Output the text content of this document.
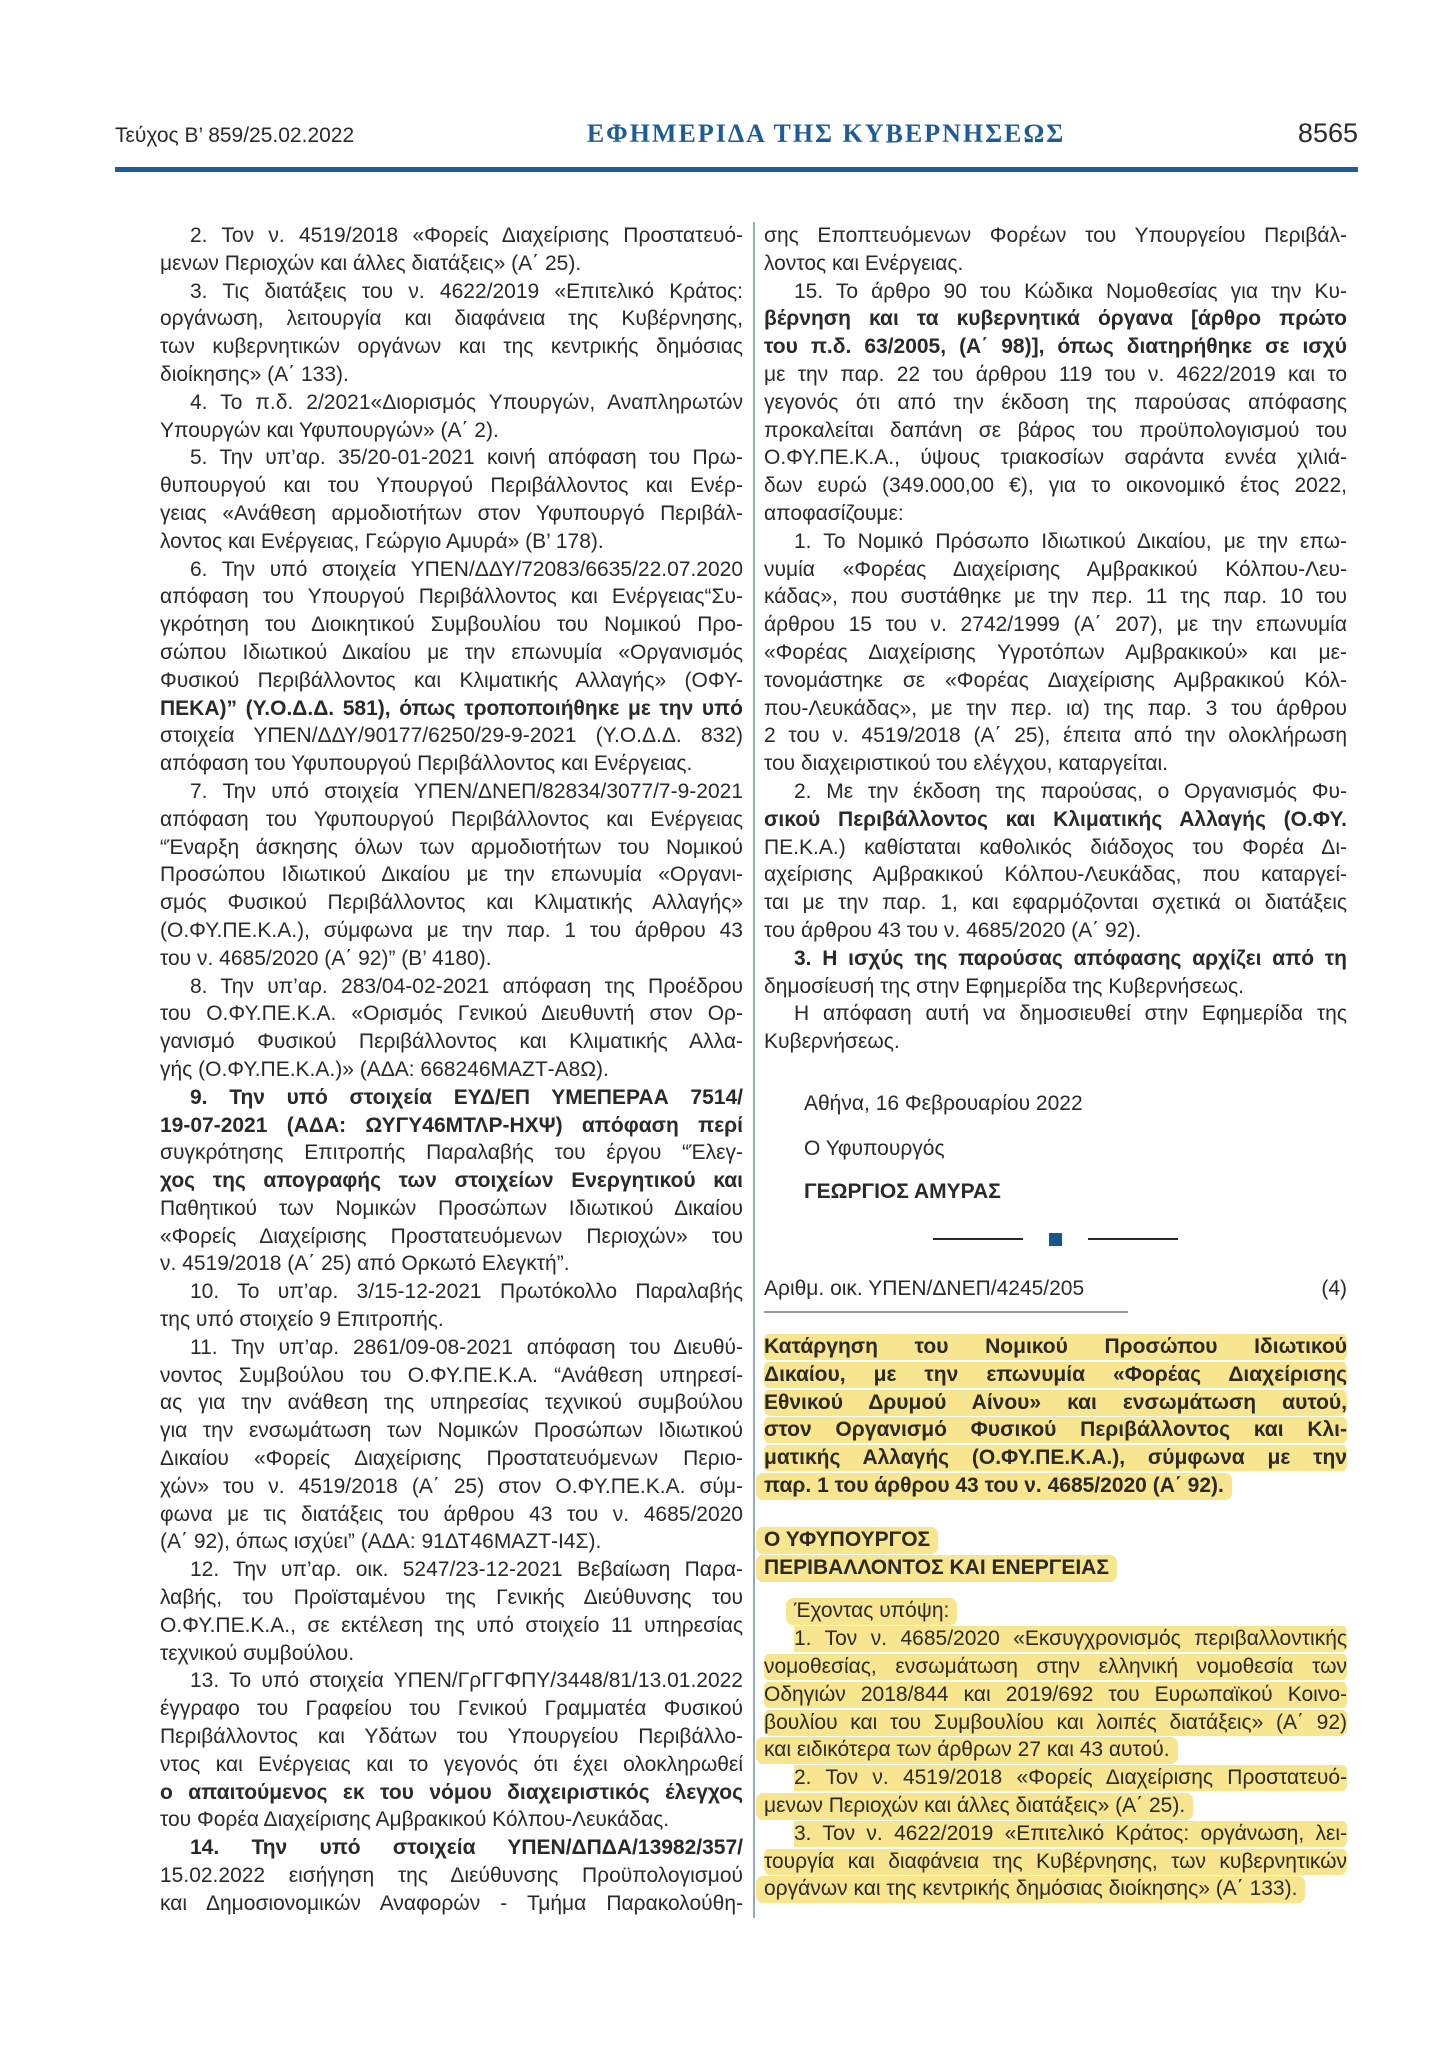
Τεύχος Β’ 859/25.02.2022	ΕΦΗΜΕΡΙΔΑ ΤΗΣ ΚΥΒΕΡΝΗΣΕΩΣ	8565
2. Τον ν. 4519/2018 «Φορείς Διαχείρισης Προστατευό-
μενων Περιοχών και άλλες διατάξεις» (Α΄ 25).
3. Τις διατάξεις του ν. 4622/2019 «Επιτελικό Κράτος:
οργάνωση, λειτουργία και διαφάνεια της Κυβέρνησης,
των κυβερνητικών οργάνων και της κεντρικής δημόσιας
διοίκησης» (Α΄ 133).
4. Το π.δ. 2/2021«Διορισμός Υπουργών, Αναπληρωτών
Υπουργών και Υφυπουργών» (Α΄ 2).
5. Την υπ’αρ. 35/20-01-2021 κοινή απόφαση του Πρω-
θυπουργού και του Υπουργού Περιβάλλοντος και Ενέρ-
γειας «Ανάθεση αρμοδιοτήτων στον Υφυπουργό Περιβάλ-
λοντος και Ενέργειας, Γεώργιο Αμυρά» (Β’ 178).
6. Την υπό στοιχεία ΥΠΕΝ/ΔΔΥ/72083/6635/22.07.2020
απόφαση του Υπουργού Περιβάλλοντος και Ενέργειας“Συ-
γκρότηση του Διοικητικού Συμβουλίου του Νομικού Προ-
σώπου Ιδιωτικού Δικαίου με την επωνυμία «Οργανισμός
Φυσικού Περιβάλλοντος και Κλιματικής Αλλαγής» (ΟΦΥ-
ΠΕΚΑ)” (Υ.Ο.Δ.Δ. 581), όπως τροποποιήθηκε με την υπό
στοιχεία ΥΠΕΝ/ΔΔΥ/90177/6250/29-9-2021 (Υ.Ο.Δ.Δ. 832)
απόφαση του Υφυπουργού Περιβάλλοντος και Ενέργειας.
7. Την υπό στοιχεία ΥΠΕΝ/ΔΝΕΠ/82834/3077/7-9-2021
απόφαση του Υφυπουργού Περιβάλλοντος και Ενέργειας
“Έναρξη άσκησης όλων των αρμοδιοτήτων του Νομικού
Προσώπου Ιδιωτικού Δικαίου με την επωνυμία «Οργανι-
σμός Φυσικού Περιβάλλοντος και Κλιματικής Αλλαγής»
(Ο.ΦΥ.ΠΕ.Κ.Α.), σύμφωνα με την παρ. 1 του άρθρου 43
του ν. 4685/2020 (Α΄ 92)” (Β’ 4180).
8. Την υπ’αρ. 283/04-02-2021 απόφαση της Προέδρου
του Ο.ΦΥ.ΠΕ.Κ.Α. «Ορισμός Γενικού Διευθυντή στον Ορ-
γανισμό Φυσικού Περιβάλλοντος και Κλιματικής Αλλα-
γής (Ο.ΦΥ.ΠΕ.Κ.Α.)» (ΑΔΑ: 668246ΜΑΖΤ-Α8Ω).
9. Την υπό στοιχεία ΕΥΔ/ΕΠ ΥΜΕΠΕΡΑΑ 7514/
19-07-2021 (ΑΔΑ: ΩΥΓΥ46ΜΤΛΡ-ΗΧΨ) απόφαση περί
συγκρότησης Επιτροπής Παραλαβής του έργου “Έλεγ-
χος της απογραφής των στοιχείων Ενεργητικού και
Παθητικού των Νομικών Προσώπων Ιδιωτικού Δικαίου
«Φορείς Διαχείρισης Προστατευόμενων Περιοχών» του
ν. 4519/2018 (Α΄ 25) από Ορκωτό Ελεγκτή”.
10. Το υπ’αρ. 3/15-12-2021 Πρωτόκολλο Παραλαβής
της υπό στοιχείο 9 Επιτροπής.
11. Την υπ’αρ. 2861/09-08-2021 απόφαση του Διευθύ-
νοντος Συμβούλου του Ο.ΦΥ.ΠΕ.Κ.Α. “Ανάθεση υπηρεσί-
ας για την ανάθεση της υπηρεσίας τεχνικού συμβούλου
για την ενσωμάτωση των Νομικών Προσώπων Ιδιωτικού
Δικαίου «Φορείς Διαχείρισης Προστατευόμενων Περιο-
χών» του ν. 4519/2018 (Α΄ 25) στον Ο.ΦΥ.ΠΕ.Κ.Α. σύμ-
φωνα με τις διατάξεις του άρθρου 43 του ν. 4685/2020
(Α΄ 92), όπως ισχύει” (ΑΔΑ: 91ΔΤ46ΜΑΖΤ-Ι4Σ).
12. Την υπ’αρ. οικ. 5247/23-12-2021 Βεβαίωση Παρα-
λαβής, του Προϊσταμένου της Γενικής Διεύθυνσης του
Ο.ΦΥ.ΠΕ.Κ.Α., σε εκτέλεση της υπό στοιχείο 11 υπηρεσίας
τεχνικού συμβούλου.
13. Το υπό στοιχεία ΥΠΕΝ/ΓρΓΓΦΠΥ/3448/81/13.01.2022
έγγραφο του Γραφείου του Γενικού Γραμματέα Φυσικού
Περιβάλλοντος και Υδάτων του Υπουργείου Περιβάλλο-
ντος και Ενέργειας και το γεγονός ότι έχει ολοκληρωθεί
ο απαιτούμενος εκ του νόμου διαχειριστικός έλεγχος
του Φορέα Διαχείρισης Αμβρακικού Κόλπου-Λευκάδας.
14. Την υπό στοιχεία ΥΠΕΝ/ΔΠΔΑ/13982/357/
15.02.2022 εισήγηση της Διεύθυνσης Προϋπολογισμού
και Δημοσιονομικών Αναφορών - Τμήμα Παρακολούθη-
σης Εποπτευόμενων Φορέων του Υπουργείου Περιβάλ-
λοντος και Ενέργειας.
15. Το άρθρο 90 του Κώδικα Νομοθεσίας για την Κυ-
βέρνηση και τα κυβερνητικά όργανα [άρθρο πρώτο
του π.δ. 63/2005, (Α΄ 98)], όπως διατηρήθηκε σε ισχύ
με την παρ. 22 του άρθρου 119 του ν. 4622/2019 και το
γεγονός ότι από την έκδοση της παρούσας απόφασης
προκαλείται δαπάνη σε βάρος του προϋπολογισμού του
Ο.ΦΥ.ΠΕ.Κ.Α., ύψους τριακοσίων σαράντα εννέα χιλιά-
δων ευρώ (349.000,00 €), για το οικονομικό έτος 2022,
αποφασίζουμε:
1. Το Νομικό Πρόσωπο Ιδιωτικού Δικαίου, με την επω-
νυμία «Φορέας Διαχείρισης Αμβρακικού Κόλπου-Λευ-
κάδας», που συστάθηκε με την περ. 11 της παρ. 10 του
άρθρου 15 του ν. 2742/1999 (Α΄ 207), με την επωνυμία
«Φορέας Διαχείρισης Υγροτόπων Αμβρακικού» και με-
τονομάστηκε σε «Φορέας Διαχείρισης Αμβρακικού Κόλ-
που-Λευκάδας», με την περ. ια) της παρ. 3 του άρθρου
2 του ν. 4519/2018 (Α΄ 25), έπειτα από την ολοκλήρωση
του διαχειριστικού του ελέγχου, καταργείται.
2. Με την έκδοση της παρούσας, ο Οργανισμός Φυ-
σικού Περιβάλλοντος και Κλιματικής Αλλαγής (Ο.ΦΥ.
ΠΕ.Κ.Α.) καθίσταται καθολικός διάδοχος του Φορέα Δι-
αχείρισης Αμβρακικού Κόλπου-Λευκάδας, που καταργεί-
ται με την παρ. 1, και εφαρμόζονται σχετικά οι διατάξεις
του άρθρου 43 του ν. 4685/2020 (Α΄ 92).
3. Η ισχύς της παρούσας απόφασης αρχίζει από τη
δημοσίευσή της στην Εφημερίδα της Κυβερνήσεως.
Η απόφαση αυτή να δημοσιευθεί στην Εφημερίδα της
Κυβερνήσεως.
Αθήνα, 16 Φεβρουαρίου 2022
Ο Υφυπουργός
ΓΕΩΡΓΙΟΣ ΑΜΥΡΑΣ
Αριθμ. οικ. ΥΠΕΝ/ΔΝΕΠ/4245/205	(4)
Κατάργηση του Νομικού Προσώπου Ιδιωτικού
Δικαίου, με την επωνυμία «Φορέας Διαχείρισης
Εθνικού Δρυμού Αίνου» και ενσωμάτωση αυτού,
στον Οργανισμό Φυσικού Περιβάλλοντος και Κλι-
ματικής Αλλαγής (Ο.ΦΥ.ΠΕ.Κ.Α.), σύμφωνα με την
παρ. 1 του άρθρου 43 του ν. 4685/2020 (Α΄ 92).
Ο ΥΦΥΠΟΥΡΓΟΣ
ΠΕΡΙΒΑΛΛΟΝΤΟΣ ΚΑΙ ΕΝΕΡΓΕΙΑΣ
Έχοντας υπόψη:
1. Τον ν. 4685/2020 «Εκσυγχρονισμός περιβαλλοντικής
νομοθεσίας, ενσωμάτωση στην ελληνική νομοθεσία των
Οδηγιών 2018/844 και 2019/692 του Ευρωπαϊκού Κοινο-
βουλίου και του Συμβουλίου και λοιπές διατάξεις» (Α΄ 92)
και ειδικότερα των άρθρων 27 και 43 αυτού.
2. Τον ν. 4519/2018 «Φορείς Διαχείρισης Προστατευό-
μενων Περιοχών και άλλες διατάξεις» (Α΄ 25).
3. Τον ν. 4622/2019 «Επιτελικό Κράτος: οργάνωση, λει-
τουργία και διαφάνεια της Κυβέρνησης, των κυβερνητικών
οργάνων και της κεντρικής δημόσιας διοίκησης» (Α΄ 133).
